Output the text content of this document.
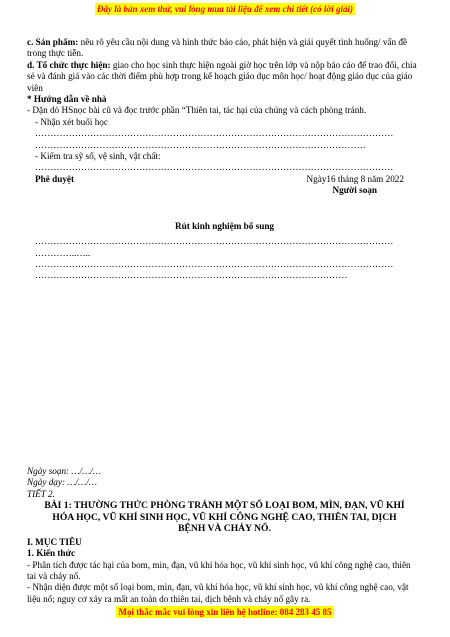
Đây là bản xem thử, vui lòng mua tài liệu để xem chi tiết (có lời giải)

c. Sản phẩm: nêu rõ yêu cầu nội dung và hình thức báo cáo, phát hiện và giải quyết tình huống/ vấn đề trong thực tiễn.

d. Tổ chức thực hiện: giao cho học sinh thực hiện ngoài giờ học trên lớp và nộp báo cáo để trao đổi, chia sẻ và đánh giá vào các thời điểm phù hợp trong kế hoạch giáo dục môn học/ hoạt động giáo dục của giáo viên

* Hướng dẫn về nhà

- Dặn dò HSnọc bài cũ và đọc trước phần “Thiên tai, tác hại của chúng và cách phòng tránh.

- Nhận xét buổi học

………………………………………………………………………………………………………

………………………………………………………………………………………………

- Kiểm tra sỹ số, vệ sinh, vật chất:

………………………………………………………………………………………………………

Phê duyệt	Ngày16 tháng 8 năm 2022

Người soạn

Rút kinh nghiệm bổ sung

………………………………………………………………………………………………………

…………..…..

………………………………………………………………………………………………………

…………………………………………………………………………………………

Ngày soạn: …/…/…

Ngày dạy: …/…/…

TIẾT 2.

BÀI 1: THƯỜNG THỨC PHÒNG TRÁNH MỘT SỐ LOẠI BOM, MÌN, ĐẠN, VŨ KHÍ

HÓA HỌC, VŨ KHÍ SINH HỌC, VŨ KHÍ CÔNG NGHỆ CAO, THIÊN TAI, DỊCH

BỆNH VÀ CHÁY NỔ.

I. MỤC TIÊU

1. Kiến thức

- Phân tích được tác hại của bom, mìn, đạn, vũ khí hóa học, vũ khí sinh học, vũ khí công nghệ cao, thiên tai và cháy nổ.

- Nhận diện được một số loại bom, mìn, đạn, vũ khí hóa học, vũ khí sinh học, vũ khí công nghệ cao, vật liệu nổ; nguy cơ xảy ra mất an toàn do thiên tai, dịch bệnh và cháy nổ gây ra.

Mọi thắc mắc vui lòng xin liên hệ hotline: 084 283 45 85
